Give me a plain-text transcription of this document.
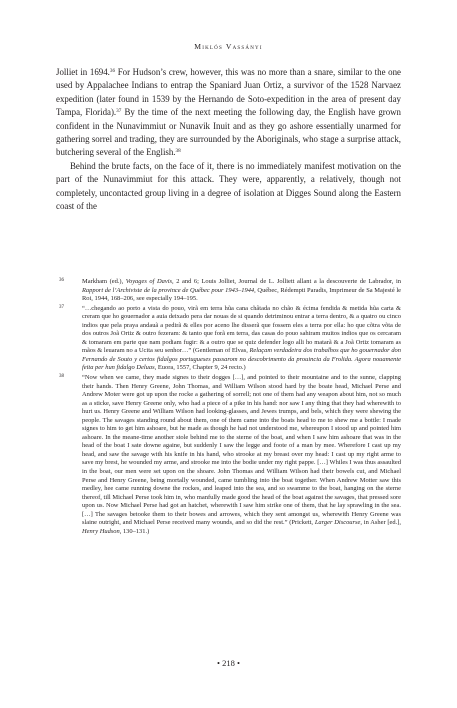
Miklós Vassányi

Jolliet in 1694.36 For Hudson’s crew, however, this was no more than a snare, similar to the one used by Appalachee Indians to entrap the Spaniard Juan Ortiz, a survivor of the 1528 Narvaez expedition (later found in 1539 by the Hernando de Soto-expedition in the area of present day Tampa, Florida).$^{37}$ By the time of the next meeting the following day, the English have grown confident in the Nunavimmiut or Nunavik Inuit and as they go ashore essentially unarmed for gathering sorrel and trading, they are surrounded by the Aboriginals, who stage a surprise attack, butchering several of the English.$^{38}$

Behind the brute facts, on the face of it, there is no immediately manifest motivation on the part of the Nunavimmiut for this attack. They were, apparently, a relatively, though not completely, uncontacted group living in a degree of isolation at Digges Sound along the Eastern coast of the

36	Markham (ed.), Voyages of Davis, 2 and 6; Louis Jolliet, Journal de L. Jolliett allant a la descouverte de Labrador, in Rapport de l’Archiviste de la province de Québec pour 1943–1944, Québec, Rédempti Paradis, Imprimeur de Sa Majesté le Roi, 1944, 168–206, see especially 194–195.
37	“…chegando ao porto a vista do pouo, virã em terra hũa cana châtada no chão & écima fendida & metida hũa carta & creram que ho gouernador a auia deixado pera dar nouas de si quando detriminou entrar a terra dentro, & a quatro ou cinco indios que pela praya andauã a pedirã & elles por aceno lhe disserã que fossem eles a terra por ella: ho que cõtra võta de dos outros Joã Ortiz & outro fezeram: & tanto que forã em terra, das casas do pouo sahiram muitos indios que os cercaram & tomaram em parte que nam podiam fugir: & a outro que se quiz defender logo alli ho matarã & a Joã Ortiz tomaram as mãos & leuaram no a Ucita seu senhor…” (Gentleman of Elvas, Relaçam verdadeira dos trabalhos que ho gouernador don Fernando de Souto y certos fidalgos portugueses passarom no descobrimento da prouincia da Frolida. Agora nouamente feita per hun fidalgo Deluas, Euora, 1557, Chapter 9, 24 recto.)
38	“Now when we came, they made signes to their dogges […], and pointed to their mountaine and to the sunne, clapping their hands. Then Henry Greene, John Thomas, and William Wilson stood hard by the boate head, Michael Perse and Andrew Moter were got up upon the rocke a gathering of sorrell; not one of them had any weapon about him, not so much as a sticke, save Henry Greene only, who had a piece of a pike in his hand: nor saw I any thing that they had wherewith to hurt us. Henry Greene and William Wilson had looking-glasses, and Jewes trumps, and bels, which they were shewing the people. The savages standing round about them, one of them came into the boats head to me to shew me a bottle: I made signes to him to get him ashoare, but he made as though he had not understood me, whereupon I stood up and pointed him ashoare. In the meane-time another stole behind me to the sterne of the boat, and when I saw him ashoare that was in the head of the boat I sate downe againe, but suddenly I saw the legge and foote of a man by mee. Wherefore I cast up my head, and saw the savage with his knife in his hand, who strooke at my breast over my head: I cast up my right arme to save my brest, he wounded my arme, and strooke me into the bodie under my right pappe. […] Whiles I was thus assaulted in the boat, our men were set upon on the shoare. John Thomas and William Wilson had their bowels cut, and Michael Perse and Henry Greene, being mortally wounded, came tumbling into the boat together. When Andrew Motter saw this medley, hee came running downe the rockes, and leaped into the sea, and so swamme to the boat, hanging on the sterne thereof, till Michael Perse took him in, who manfully made good the head of the boat against the savages, that pressed sore upon us. Now Michael Perse had got an hatchet, wherewith I saw him strike one of them, that he lay sprawling in the sea. […] The savages betooke them to their bowes and arrowes, which they sent amongst us, wherewith Henry Greene was slaine outright, and Michael Perse received many wounds, and so did the rest.” (Prickett, Larger Discourse, in Asher [ed.], Henry Hudson, 130–131.)
• 218 •
